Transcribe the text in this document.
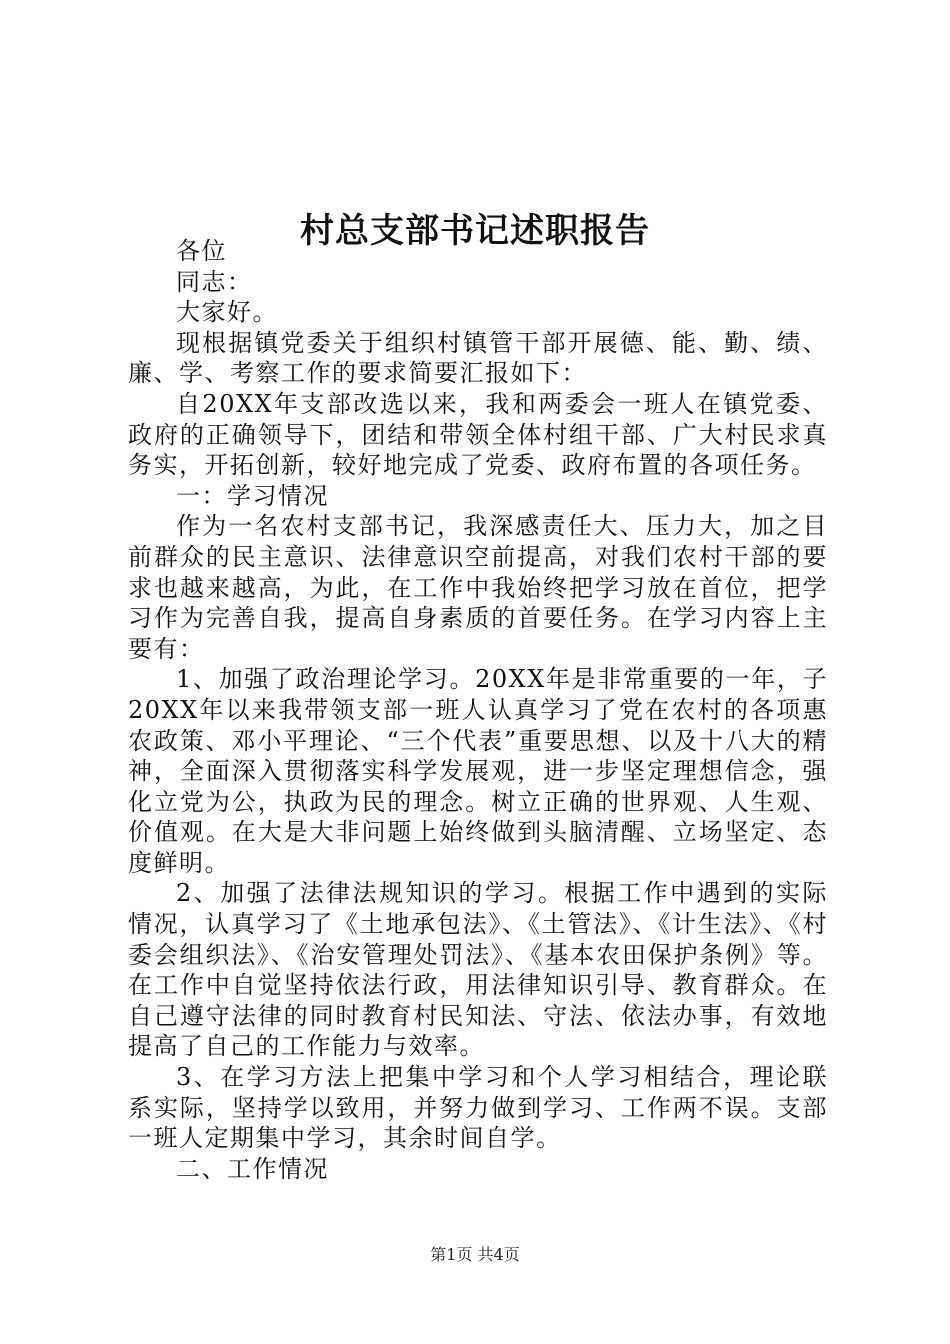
村总支部书记述职报告

各位

同志：

大家好。

现根据镇党委关于组织村镇管干部开展德、能、勤、绩、廉、学、考察工作的要求简要汇报如下：

自20XX年支部改选以来，我和两委会一班人在镇党委、政府的正确领导下，团结和带领全体村组干部、广大村民求真务实，开拓创新，较好地完成了党委、政府布置的各项任务。

一：学习情况

作为一名农村支部书记，我深感责任大、压力大，加之目前群众的民主意识、法律意识空前提高，对我们农村干部的要求也越来越高，为此，在工作中我始终把学习放在首位，把学习作为完善自我，提高自身素质的首要任务。在学习内容上主要有：

1、加强了政治理论学习。20XX年是非常重要的一年，子20XX年以来我带领支部一班人认真学习了党在农村的各项惠农政策、邓小平理论、“三个代表”重要思想、以及十八大的精神，全面深入贯彻落实科学发展观，进一步坚定理想信念，强化立党为公，执政为民的理念。树立正确的世界观、人生观、价值观。在大是大非问题上始终做到头脑清醒、立场坚定、态度鲜明。

2、加强了法律法规知识的学习。根据工作中遇到的实际情况，认真学习了《土地承包法》、《土管法》、《计生法》、《村委会组织法》、《治安管理处罚法》、《基本农田保护条例》等。在工作中自觉坚持依法行政，用法律知识引导、教育群众。在自己遵守法律的同时教育村民知法、守法、依法办事，有效地提高了自己的工作能力与效率。

3、在学习方法上把集中学习和个人学习相结合，理论联系实际，坚持学以致用，并努力做到学习、工作两不误。支部一班人定期集中学习，其余时间自学。

二、工作情况

第1页 共4页
